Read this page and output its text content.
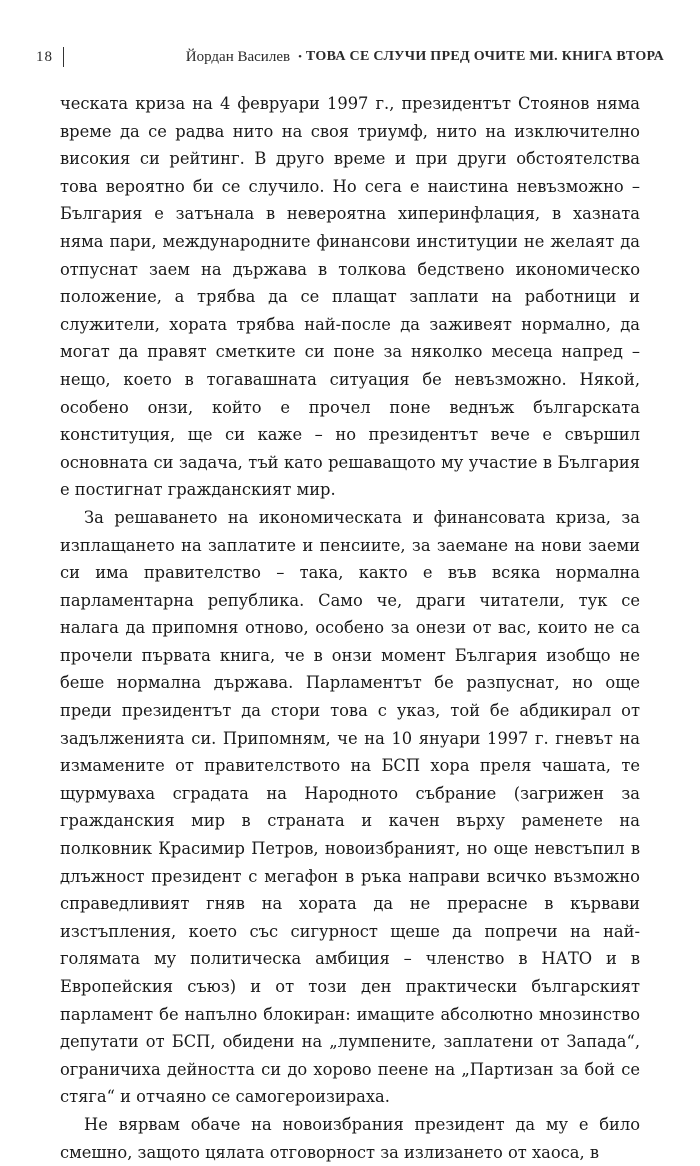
18	Йордан Василев • ТОВА СЕ СЛУЧИ ПРЕД ОЧИТЕ МИ. КНИГА ВТОРА

ческата криза на 4 февруари 1997 г., президентът Стоянов няма време да се радва нито на своя триумф, нито на изключително високия си рейтинг. В друго време и при други обстоятелства това вероятно би се случило. Но сега е наистина невъзможно – България е затънала в невероятна хиперинфлация, в хазната няма пари, международните финансови институции не желаят да отпуснат заем на държава в толкова бедствено икономическо положение, а трябва да се плащат заплати на работници и служители, хората трябва най-после да заживеят нормално, да могат да правят сметките си поне за няколко месеца напред – нещо, което в тогавашната ситуация бе невъзможно. Някой, особено онзи, който е прочел поне веднъж българската конституция, ще си каже – но президентът вече е свършил основната си задача, тъй като решаващото му участие в България е постигнат гражданският мир.

За решаването на икономическата и финансовата криза, за изплащането на заплатите и пенсиите, за заемане на нови заеми си има правителство – така, както е във всяка нормална парламентарна република. Само че, драги читатели, тук се налага да припомня отново, особено за онези от вас, които не са прочели първата книга, че в онзи момент България изобщо не беше нормална държава. Парламентът бе разпуснат, но още преди президентът да стори това с указ, той бе абдикирал от задълженията си. Припомням, че на 10 януари 1997 г. гневът на измамените от правителството на БСП хора преля чашата, те щурмуваха сградата на Народното събрание (загрижен за гражданския мир в страната и качен върху раменете на полковник Красимир Петров, новоизбраният, но още невстъпил в длъжност президент с мегафон в ръка направи всичко възможно справедливият гняв на хората да не прерасне в кървави изстъпления, което със сигурност щеше да попречи на най-голямата му политическа амбиция – членство в НАТО и в Европейския съюз) и от този ден практически българският парламент бе напълно блокиран: имащите абсолютно мнозинство депутати от БСП, обидени на „лумпените, заплатени от Запада“, ограничиха дейността си до хорово пеене на „Партизан за бой се стяга“ и отчаяно се самогероизираха.

Не вярвам обаче на новоизбрания президент да му е било смешно, защото цялата отговорност за излизането от хаоса, в
